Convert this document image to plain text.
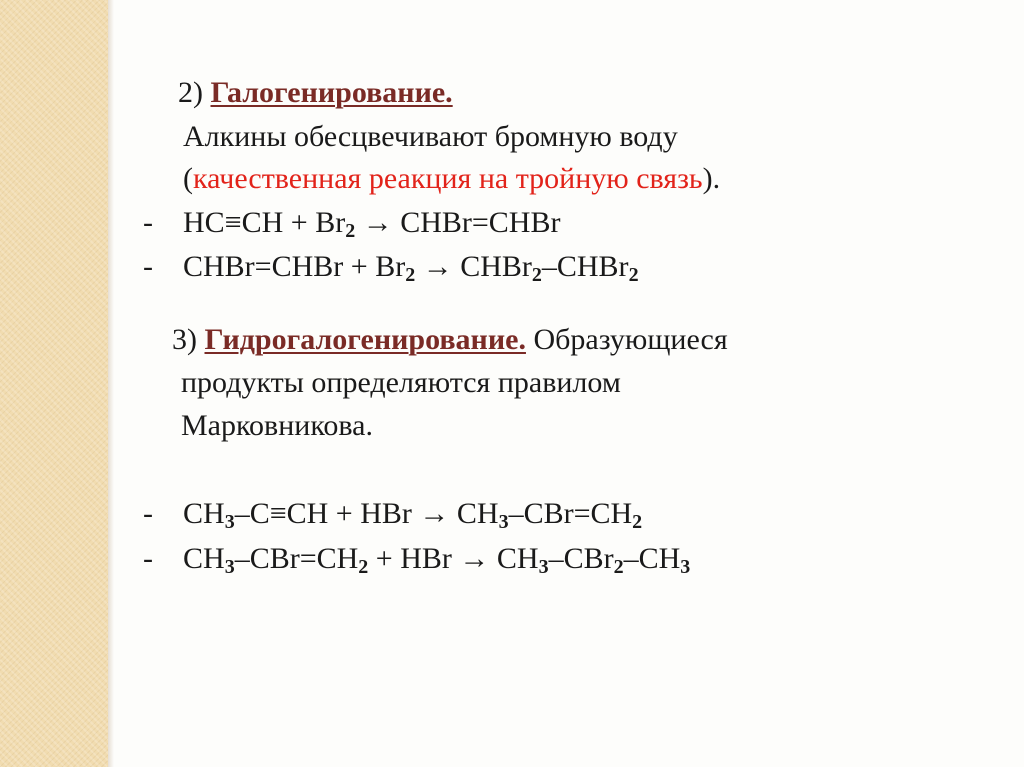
2) Галогенирование.
Алкины обесцвечивают бромную воду
(качественная реакция на тройную связь).
- $HC\equiv CH + Br_2$ → CHBr=CHBr
- CHBr=CHBr + $Br_2$ → CHBr$_2$–CHBr$_2$
3) Гидрогалогенирование. Образующиеся
продукты определяются правилом
Марковникова.
- $CH_3-C\equiv CH$ + HBr → $CH_3-CBr=CH_2$
- $CH_3-CBr=CH_2$ + HBr → $CH_3-CBr_2-CH_3$
